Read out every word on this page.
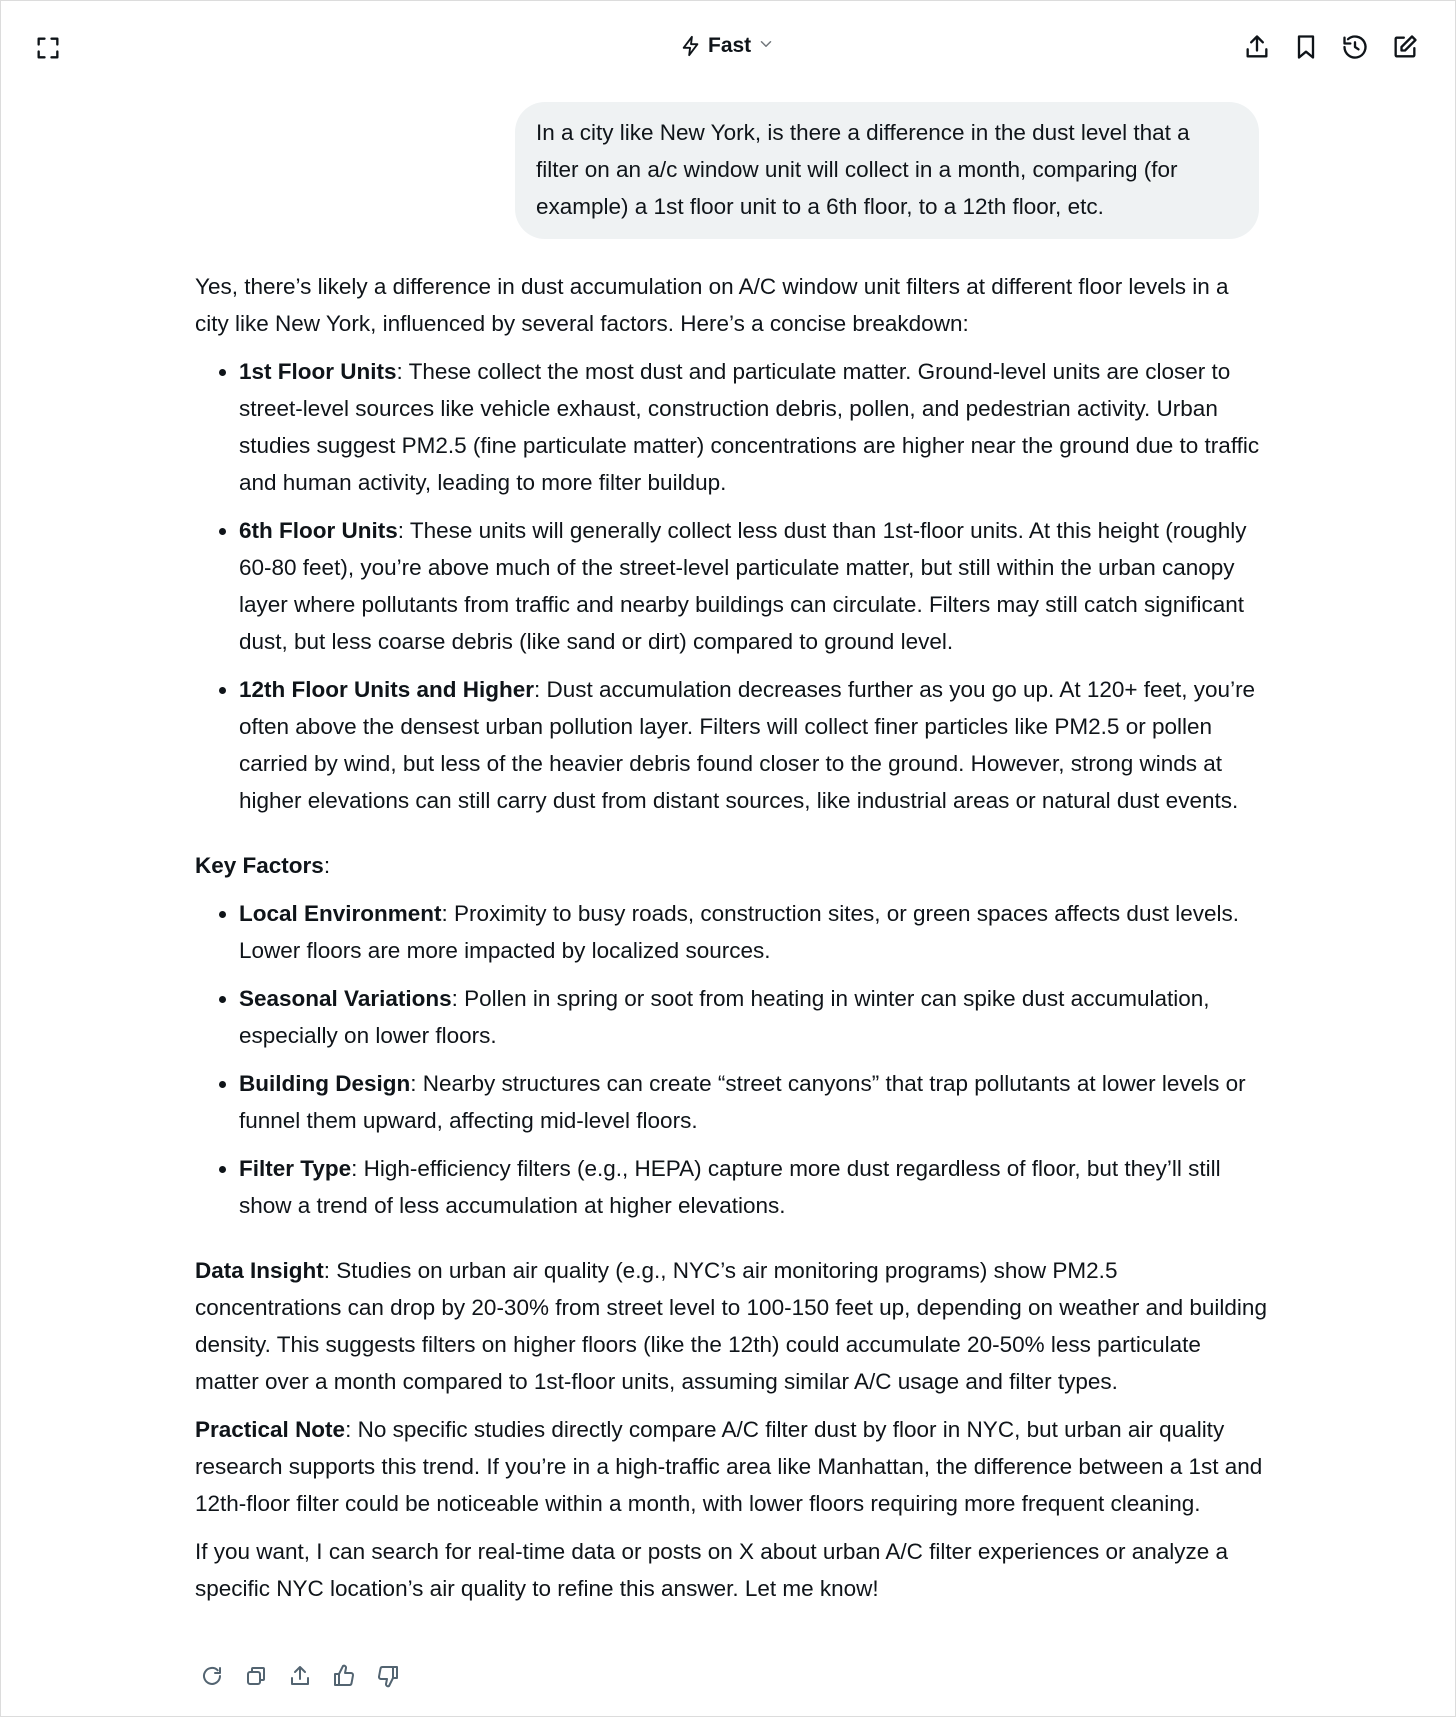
Fast
In a city like New York, is there a difference in the dust level that a filter on an a/c window unit will collect in a month, comparing (for example) a 1st floor unit to a 6th floor, to a 12th floor, etc.

Yes, there’s likely a difference in dust accumulation on A/C window unit filters at different floor levels in a city like New York, influenced by several factors. Here’s a concise breakdown:

• 1st Floor Units: These collect the most dust and particulate matter. Ground-level units are closer to street-level sources like vehicle exhaust, construction debris, pollen, and pedestrian activity. Urban studies suggest PM2.5 (fine particulate matter) concentrations are higher near the ground due to traffic and human activity, leading to more filter buildup.
• 6th Floor Units: These units will generally collect less dust than 1st-floor units. At this height (roughly 60-80 feet), you’re above much of the street-level particulate matter, but still within the urban canopy layer where pollutants from traffic and nearby buildings can circulate. Filters may still catch significant dust, but less coarse debris (like sand or dirt) compared to ground level.
• 12th Floor Units and Higher: Dust accumulation decreases further as you go up. At 120+ feet, you’re often above the densest urban pollution layer. Filters will collect finer particles like PM2.5 or pollen carried by wind, but less of the heavier debris found closer to the ground. However, strong winds at higher elevations can still carry dust from distant sources, like industrial areas or natural dust events.

Key Factors:

• Local Environment: Proximity to busy roads, construction sites, or green spaces affects dust levels. Lower floors are more impacted by localized sources.
• Seasonal Variations: Pollen in spring or soot from heating in winter can spike dust accumulation, especially on lower floors.
• Building Design: Nearby structures can create “street canyons” that trap pollutants at lower levels or funnel them upward, affecting mid-level floors.
• Filter Type: High-efficiency filters (e.g., HEPA) capture more dust regardless of floor, but they’ll still show a trend of less accumulation at higher elevations.

Data Insight: Studies on urban air quality (e.g., NYC’s air monitoring programs) show PM2.5 concentrations can drop by 20-30% from street level to 100-150 feet up, depending on weather and building density. This suggests filters on higher floors (like the 12th) could accumulate 20-50% less particulate matter over a month compared to 1st-floor units, assuming similar A/C usage and filter types.

Practical Note: No specific studies directly compare A/C filter dust by floor in NYC, but urban air quality research supports this trend. If you’re in a high-traffic area like Manhattan, the difference between a 1st and 12th-floor filter could be noticeable within a month, with lower floors requiring more frequent cleaning.

If you want, I can search for real-time data or posts on X about urban A/C filter experiences or analyze a specific NYC location’s air quality to refine this answer. Let me know!
